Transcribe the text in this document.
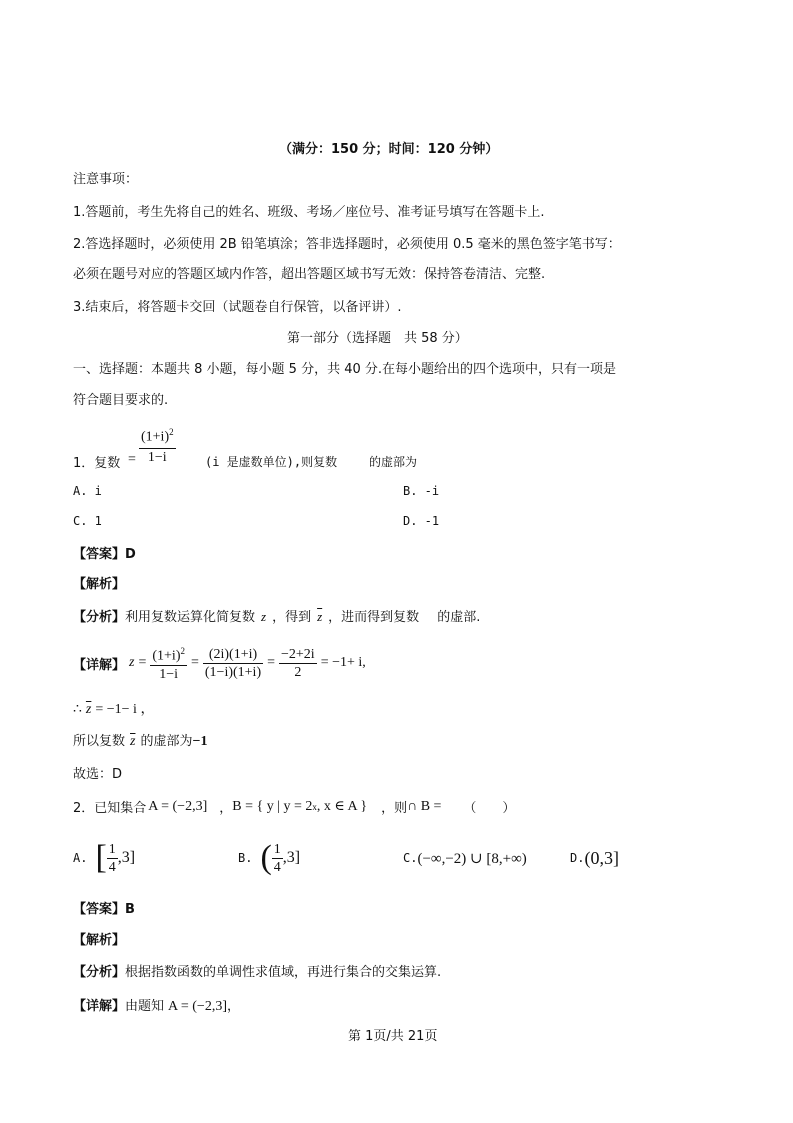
（满分：150 分；时间：120 分钟）
注意事项：
1.答题前，考生先将自己的姓名、班级、考场／座位号、准考证号填写在答题卡上.
2.答选择题时，必须使用 2B 铅笔填涂；答非选择题时，必须使用 0.5 毫米的黑色签字笔书写：
必须在题号对应的答题区域内作答，超出答题区域书写无效：保持答卷清洁、完整.
3.结束后，将答题卡交回（试题卷自行保管，以备评讲）.
第一部分（选择题　共 58 分）
一、选择题：本题共 8 小题，每小题 5 分，共 40 分.在每小题给出的四个选项中，只有一项是
符合题目要求的.
1．复数 =
$(1+i)^2$
1−i	(i 是虚数单位),则复数	的虚部为
A. i	B. -i
C. 1	D. -1
【答案】D
【解析】
【分析】利用复数运算化简复数 z ，得到 $\overline{z}$ ，进而得到复数 的虚部.
【详解】 $z = \frac{(1+i)^2}{1-i} = \frac{(2i)(1+i)}{(1-i)(1+i)} = \frac{-2+2i}{2} = -1+ i$,
∴ $\overline{z} = -1- i$ ，
所以复数 $\overline{z}$ 的虚部为−1
故选：D
2．已知集合 A = (−2,3] ， B = { y | y = 2 x , x ∈ A } ，则 ∩ B = （　　）
A. [ $\frac{1}{4} ,3$]	B. ( $\frac{1}{4} ,3$]	C. (−∞,−2) ∪ [8,+∞)	D. (0,3]
【答案】B
【解析】
【分析】根据指数函数的单调性求值域，再进行集合的交集运算.
【详解】由题知 A = (−2,3]，
第 1页/共 21页
